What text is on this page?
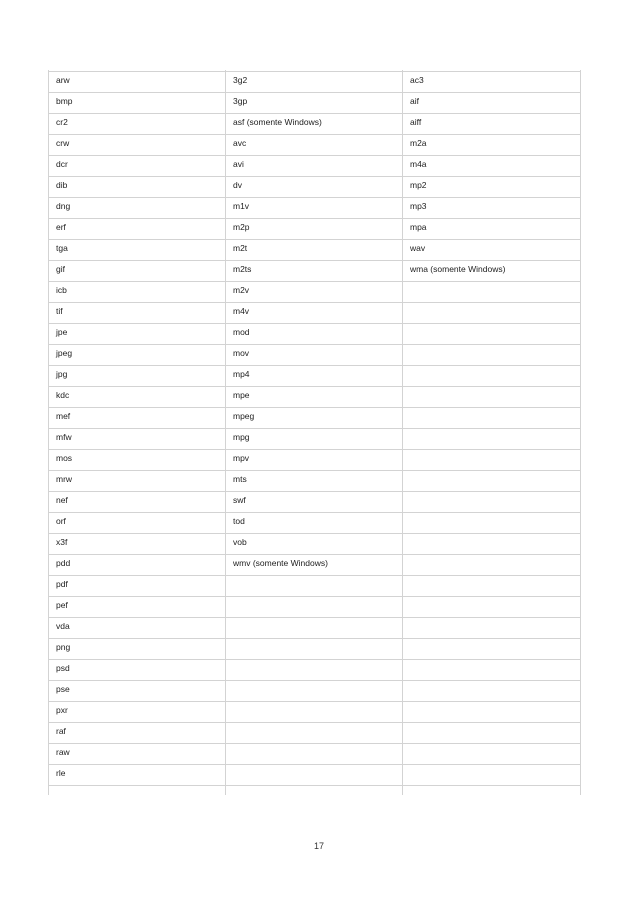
arw	3g2	ac3
bmp	3gp	aif
cr2	asf (somente Windows)	aiff
crw	avc	m2a
dcr	avi	m4a
dib	dv	mp2
dng	m1v	mp3
erf	m2p	mpa
tga	m2t	wav
gif	m2ts	wma (somente Windows)
icb	m2v	
tif	m4v	
jpe	mod	
jpeg	mov	
jpg	mp4	
kdc	mpe	
mef	mpeg	
mfw	mpg	
mos	mpv	
mrw	mts	
nef	swf	
orf	tod	
x3f	vob	
pdd	wmv (somente Windows)	
pdf		
pef		
vda		
png		
psd		
pse		
pxr		
raf		
raw		
rle		

17
